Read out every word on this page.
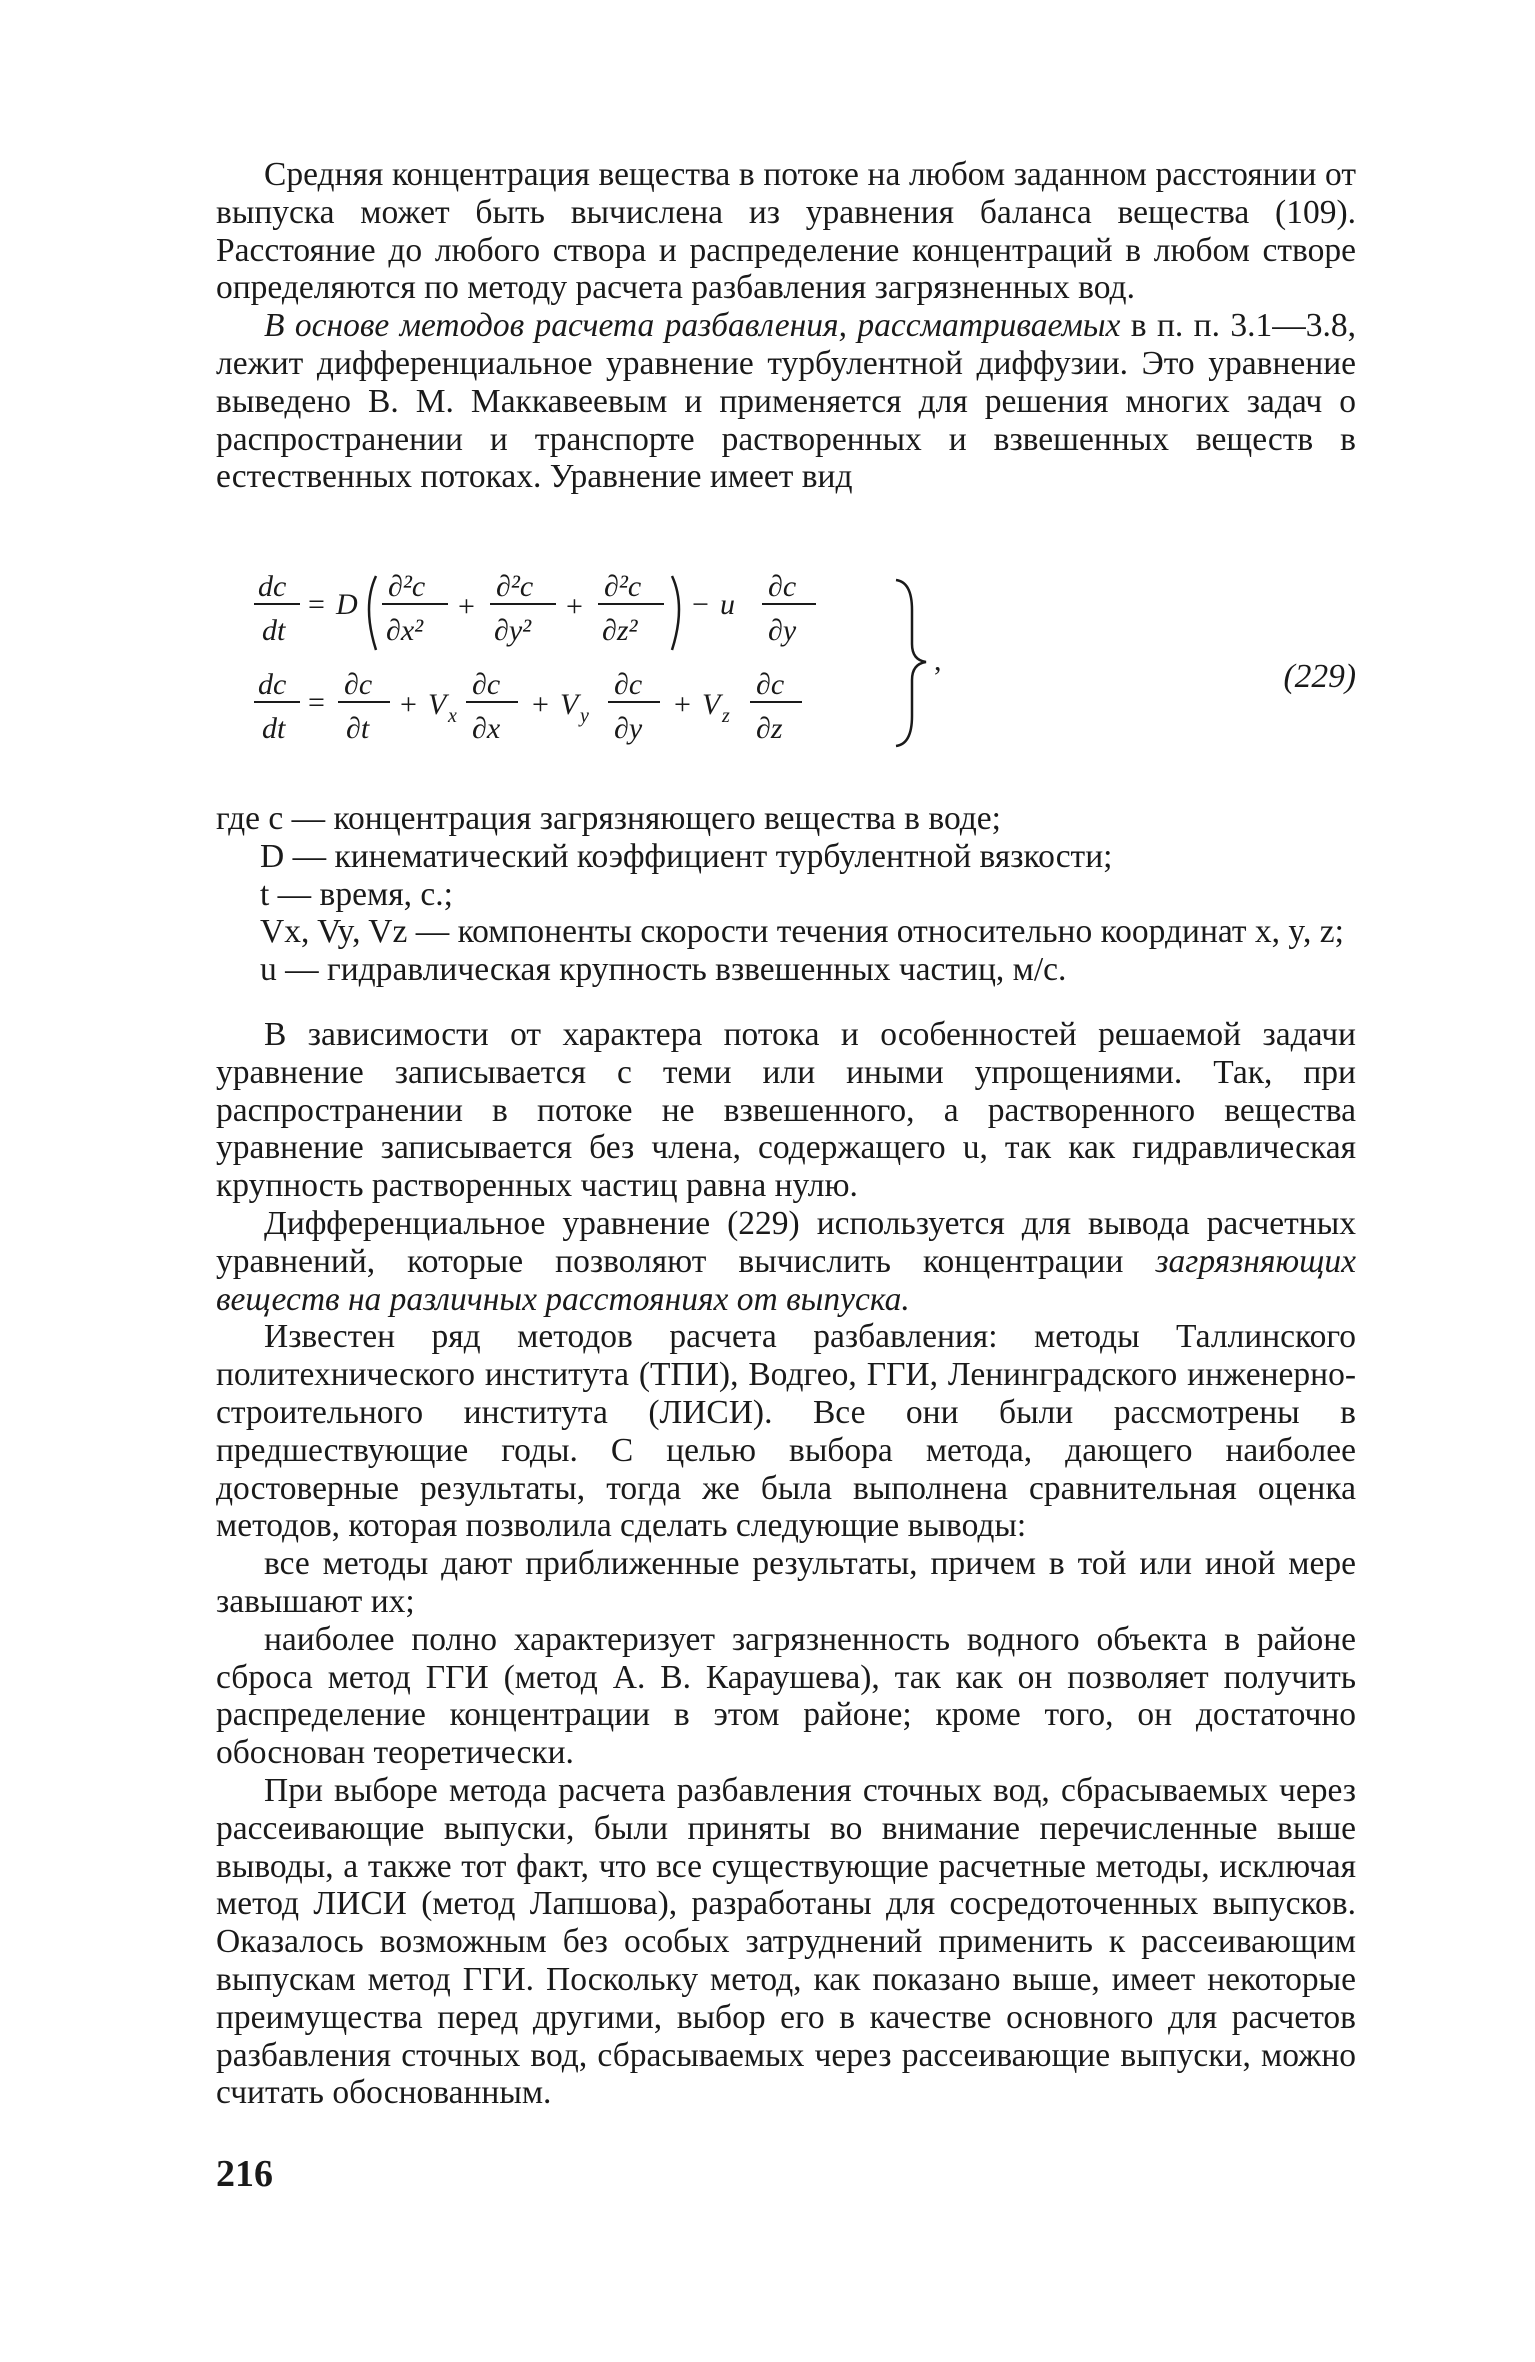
Средняя концентрация вещества в потоке на любом заданном расстоянии от выпуска может быть вычислена из уравнения баланса вещества (109). Расстояние до любого створа и распределение концентраций в любом створе определяются по методу расчета разбавления загрязненных вод.

В основе методов расчета разбавления, рассматриваемых в п. п. 3.1—3.8, лежит дифференциальное уравнение турбулентной диффузии. Это уравнение выведено В. М. Маккавеевым и применяется для решения многих задач о распространении и транспорте растворенных и взвешенных веществ в естественных потоках. Уравнение имеет вид

dc
dt
= D
∂²c
∂x²
+
∂²c
∂y²
+
∂²c
∂z²
− u
∂c
∂y
dc
dt
=
∂c
∂t
+ V x
∂c
∂x
+ V y
∂c
∂y
+ V z
∂c
∂z
,	(229)

где c — концентрация загрязняющего вещества в воде;

D — кинематический коэффициент турбулентной вязкости;

t — время, с.;

Vx, Vy, Vz — компоненты скорости течения относительно координат x, y, z;

u — гидравлическая крупность взвешенных частиц, м/с.

В зависимости от характера потока и особенностей решаемой задачи уравнение записывается с теми или иными упрощениями. Так, при распространении в потоке не взвешенного, а растворенного вещества уравнение записывается без члена, содержащего u, так как гидравлическая крупность растворенных частиц равна нулю.

Дифференциальное уравнение (229) используется для вывода расчетных уравнений, которые позволяют вычислить концентрации загрязняющих веществ на различных расстояниях от выпуска.

Известен ряд методов расчета разбавления: методы Таллинского политехнического института (ТПИ), Водгео, ГГИ, Ленинградского инженерно-строительного института (ЛИСИ). Все они были рассмотрены в предшествующие годы. С целью выбора метода, дающего наиболее достоверные результаты, тогда же была выполнена сравнительная оценка методов, которая позволила сделать следующие выводы:

все методы дают приближенные результаты, причем в той или иной мере завышают их;

наиболее полно характеризует загрязненность водного объекта в районе сброса метод ГГИ (метод А. В. Караушева), так как он позволяет получить распределение концентрации в этом районе; кроме того, он достаточно обоснован теоретически.

При выборе метода расчета разбавления сточных вод, сбрасываемых через рассеивающие выпуски, были приняты во внимание перечисленные выше выводы, а также тот факт, что все существующие расчетные методы, исключая метод ЛИСИ (метод Лапшова), разработаны для сосредоточенных выпусков. Оказалось возможным без особых затруднений применить к рассеивающим выпускам метод ГГИ. Поскольку метод, как показано выше, имеет некоторые преимущества перед другими, выбор его в качестве основного для расчетов разбавления сточных вод, сбрасываемых через рассеивающие выпуски, можно считать обоснованным.

216
